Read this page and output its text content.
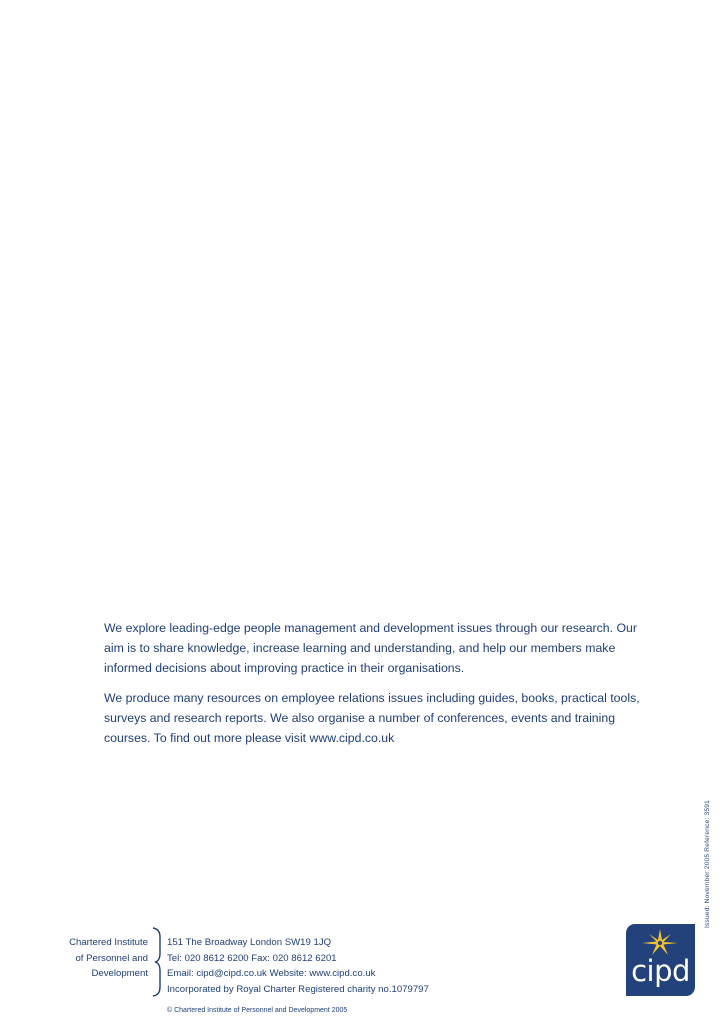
We explore leading-edge people management and development issues through our research. Our aim is to share knowledge, increase learning and understanding, and help our members make informed decisions about improving practice in their organisations.

We produce many resources on employee relations issues including guides, books, practical tools, surveys and research reports. We also organise a number of conferences, events and training courses. To find out more please visit www.cipd.co.uk

Issued: November 2005 Reference: 3591
Chartered Institute
of Personnel and
Development
151 The Broadway London SW19 1JQ
Tel: 020 8612 6200 Fax: 020 8612 6201
Email: cipd@cipd.co.uk Website: www.cipd.co.uk
Incorporated by Royal Charter Registered charity no.1079797
© Chartered Institute of Personnel and Development 2005
cipd
